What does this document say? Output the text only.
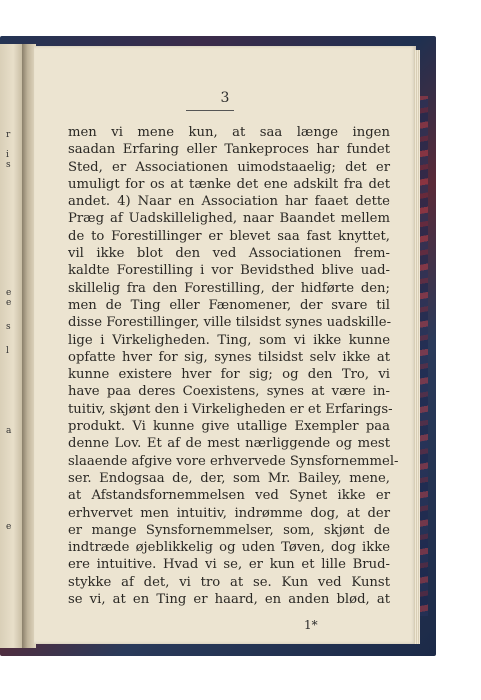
r
i
s
e
e
s
l
a
e
3
men vi mene kun, at saa længe ingen
saadan Erfaring eller Tankeproces har fundet
Sted, er Associationen uimodstaaelig; det er
umuligt for os at tænke det ene adskilt fra det
andet. 4) Naar en Association har faaet dette
Præg af Uadskillelighed, naar Baandet mellem
de to Forestillinger er blevet saa fast knyttet,
vil ikke blot den ved Associationen frem-
kaldte Forestilling i vor Bevidsthed blive uad-
skillelig fra den Forestilling, der hidførte den;
men de Ting eller Fænomener, der svare til
disse Forestillinger, ville tilsidst synes uadskille-
lige i Virkeligheden. Ting, som vi ikke kunne
opfatte hver for sig, synes tilsidst selv ikke at
kunne existere hver for sig; og den Tro, vi
have paa deres Coexistens, synes at være in-
tuitiv, skjønt den i Virkeligheden er et Erfarings-
produkt. Vi kunne give utallige Exempler paa
denne Lov. Et af de mest nærliggende og mest
slaaende afgive vore erhvervede Synsfornemmel-
ser. Endogsaa de, der, som Mr. Bailey, mene,
at Afstandsfornemmelsen ved Synet ikke er
erhvervet men intuitiv, indrømme dog, at der
er mange Synsfornemmelser, som, skjønt de
indtræde øjeblikkelig og uden Tøven, dog ikke
ere intuitive. Hvad vi se, er kun et lille Brud-
stykke af det, vi tro at se. Kun ved Kunst
se vi, at en Ting er haard, en anden blød, at
1*
